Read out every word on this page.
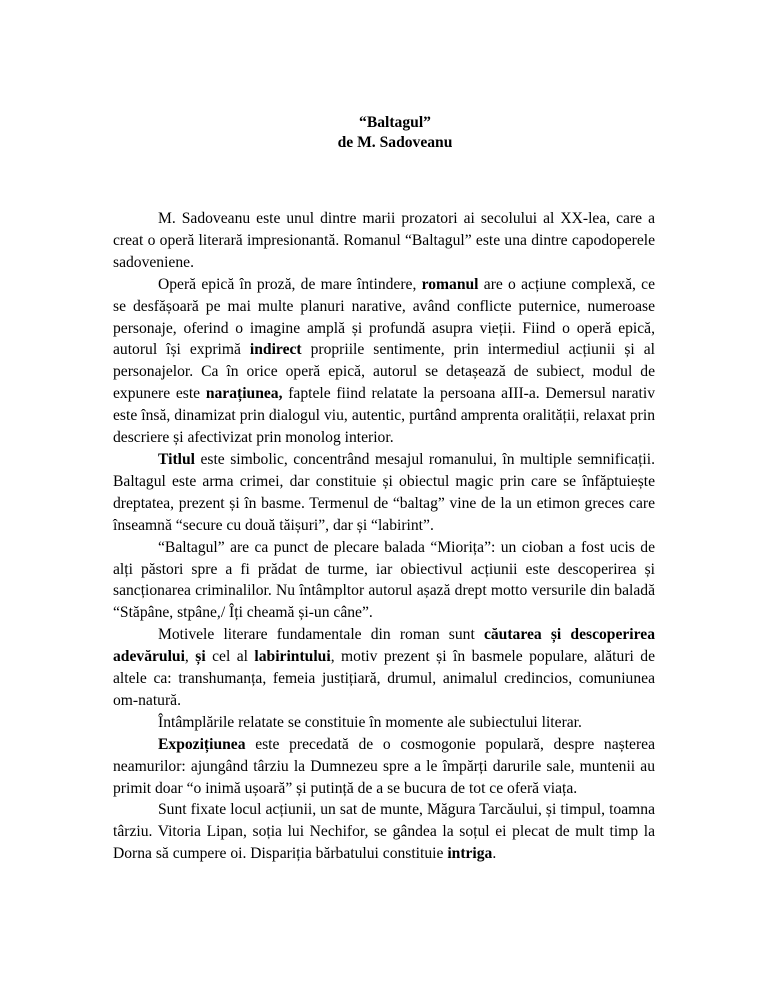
“Baltagul”
de M. Sadoveanu

M. Sadoveanu este unul dintre marii prozatori ai secolului al XX-lea, care a creat o operă literară impresionantă. Romanul “Baltagul” este una dintre capodoperele sadoveniene.

Operă epică în proză, de mare întindere, romanul are o acțiune complexă, ce se desfășoară pe mai multe planuri narative, având conflicte puternice, numeroase personaje, oferind o imagine amplă și profundă asupra vieții. Fiind o operă epică, autorul își exprimă indirect propriile sentimente, prin intermediul acțiunii și al personajelor. Ca în orice operă epică, autorul se detașează de subiect, modul de expunere este narațiunea, faptele fiind relatate la persoana aIII-a. Demersul narativ este însă, dinamizat prin dialogul viu, autentic, purtând amprenta oralității, relaxat prin descriere și afectivizat prin monolog interior.

Titlul este simbolic, concentrând mesajul romanului, în multiple semnificații. Baltagul este arma crimei, dar constituie și obiectul magic prin care se înfăptuiește dreptatea, prezent și în basme. Termenul de “baltag” vine de la un etimon greces care înseamnă “secure cu două tăișuri”, dar și “labirint”.

“Baltagul” are ca punct de plecare balada “Miorița”: un cioban a fost ucis de alți păstori spre a fi prădat de turme, iar obiectivul acțiunii este descoperirea și sancționarea criminalilor. Nu întâmpltor autorul așază drept motto versurile din baladă “Stăpâne, stpâne,/ Îți cheamă și-un câne”.

Motivele literare fundamentale din roman sunt căutarea și descoperirea adevărului, și cel al labirintului, motiv prezent și în basmele populare, alături de altele ca: transhumanța, femeia justițiară, drumul, animalul credincios, comuniunea om-natură.

Întâmplările relatate se constituie în momente ale subiectului literar.

Expozițiunea este precedată de o cosmogonie populară, despre nașterea neamurilor: ajungând târziu la Dumnezeu spre a le împărți darurile sale, muntenii au primit doar “o inimă ușoară” și putință de a se bucura de tot ce oferă viața.

Sunt fixate locul acțiunii, un sat de munte, Măgura Tarcăului, și timpul, toamna târziu. Vitoria Lipan, soția lui Nechifor, se gândea la soțul ei plecat de mult timp la Dorna să cumpere oi. Dispariția bărbatului constituie intriga.
